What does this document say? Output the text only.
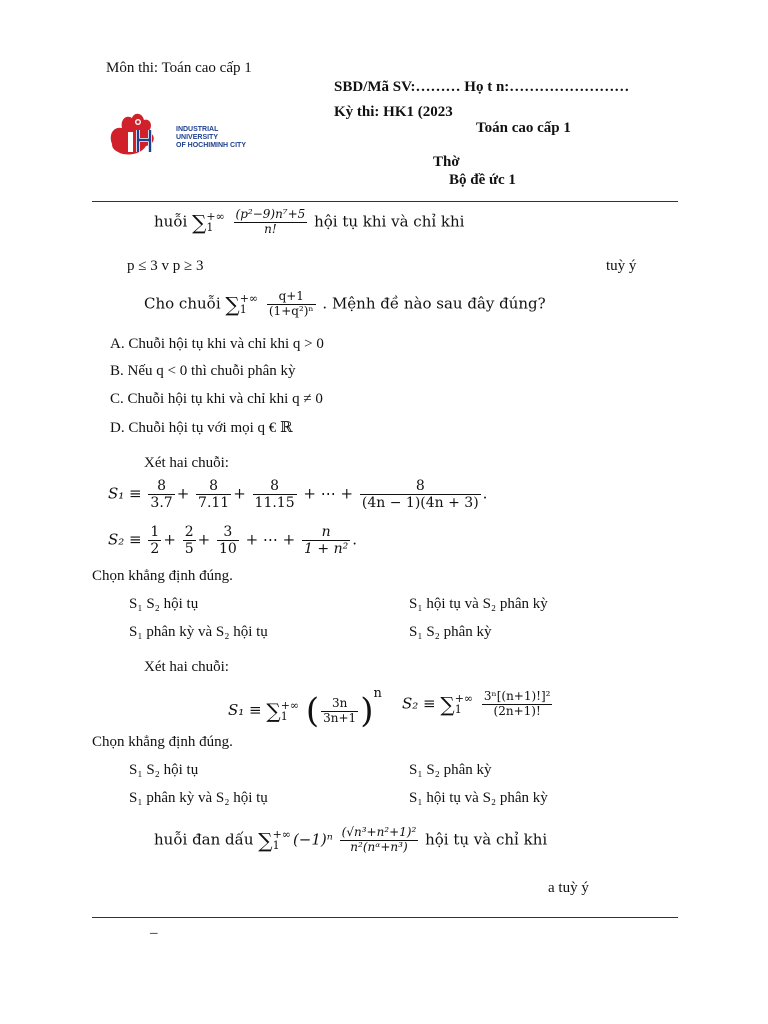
Môn thi: Toán cao cấp 1
SBD/Mã SV:……… Họ t n:……………………
Kỳ thi: HK1 (2023
Toán cao cấp 1
Thờ
Bộ đề ức 1
INDUSTRIAL
UNIVERSITY
OF HOCHIMINH CITY
huỗi ∑ +∞
1
	$\frac{\text{(p²−9)n⁷+5}}{n!}$ hội tụ khi và chỉ khi
p ≤ 3 v p ≥ 3	tuỳ ý
Cho chuỗi ∑ +∞
1
	$\frac{q+1}{\text{(1+q²)ⁿ}}$ . Mệnh đề nào sau đây đúng?
A. Chuỗi hội tụ khi và chỉ khi q > 0
B. Nếu q < 0 thì chuỗi phân kỳ
C. Chuỗi hội tụ khi và chỉ khi q ≠ 0
D. Chuỗi hội tụ với mọi q € ℝ
Xét hai chuỗi:
$S_1 \equiv \frac{8}{3.7} + \frac{8}{7.11} + \frac{8}{11.15}$ + ⋯ + $\frac{8}{(4n - 1)(4n + 3)}$ .
$S_2 \equiv \frac{1}{2} + \frac{2}{5} + \frac{3}{10}$ + ⋯ + $\frac{n}{\text{1 + n²}}$ .
Chọn khẳng định đúng.
S₁ S₂ hội tụ	S₁ hội tụ và S₂ phân kỳ
S₁ phân kỳ và S₂ hội tụ	S₁ S₂ phân kỳ
Xét hai chuỗi:
S₁ ≡ ∑ +∞
1 ( $\frac{3n}{3n+1} )^n$
S₂ ≡ ∑ +∞
1
	$\frac{\text{3ⁿ[(n+1)!]²}}{(2n+1)!}$
Chọn khẳng định đúng.
S₁ S₂ hội tụ	S₁ S₂ phân kỳ
S₁ phân kỳ và S₂ hội tụ	S₁ hội tụ và S₂ phân kỳ
huỗi đan dấu ∑ +∞
1 $(-1)^n \frac{\text{(√n³+n²+1)²}}{\text{n²(nᵅ+n³)}}$ hội tụ và chỉ khi
a tuỳ ý
–
